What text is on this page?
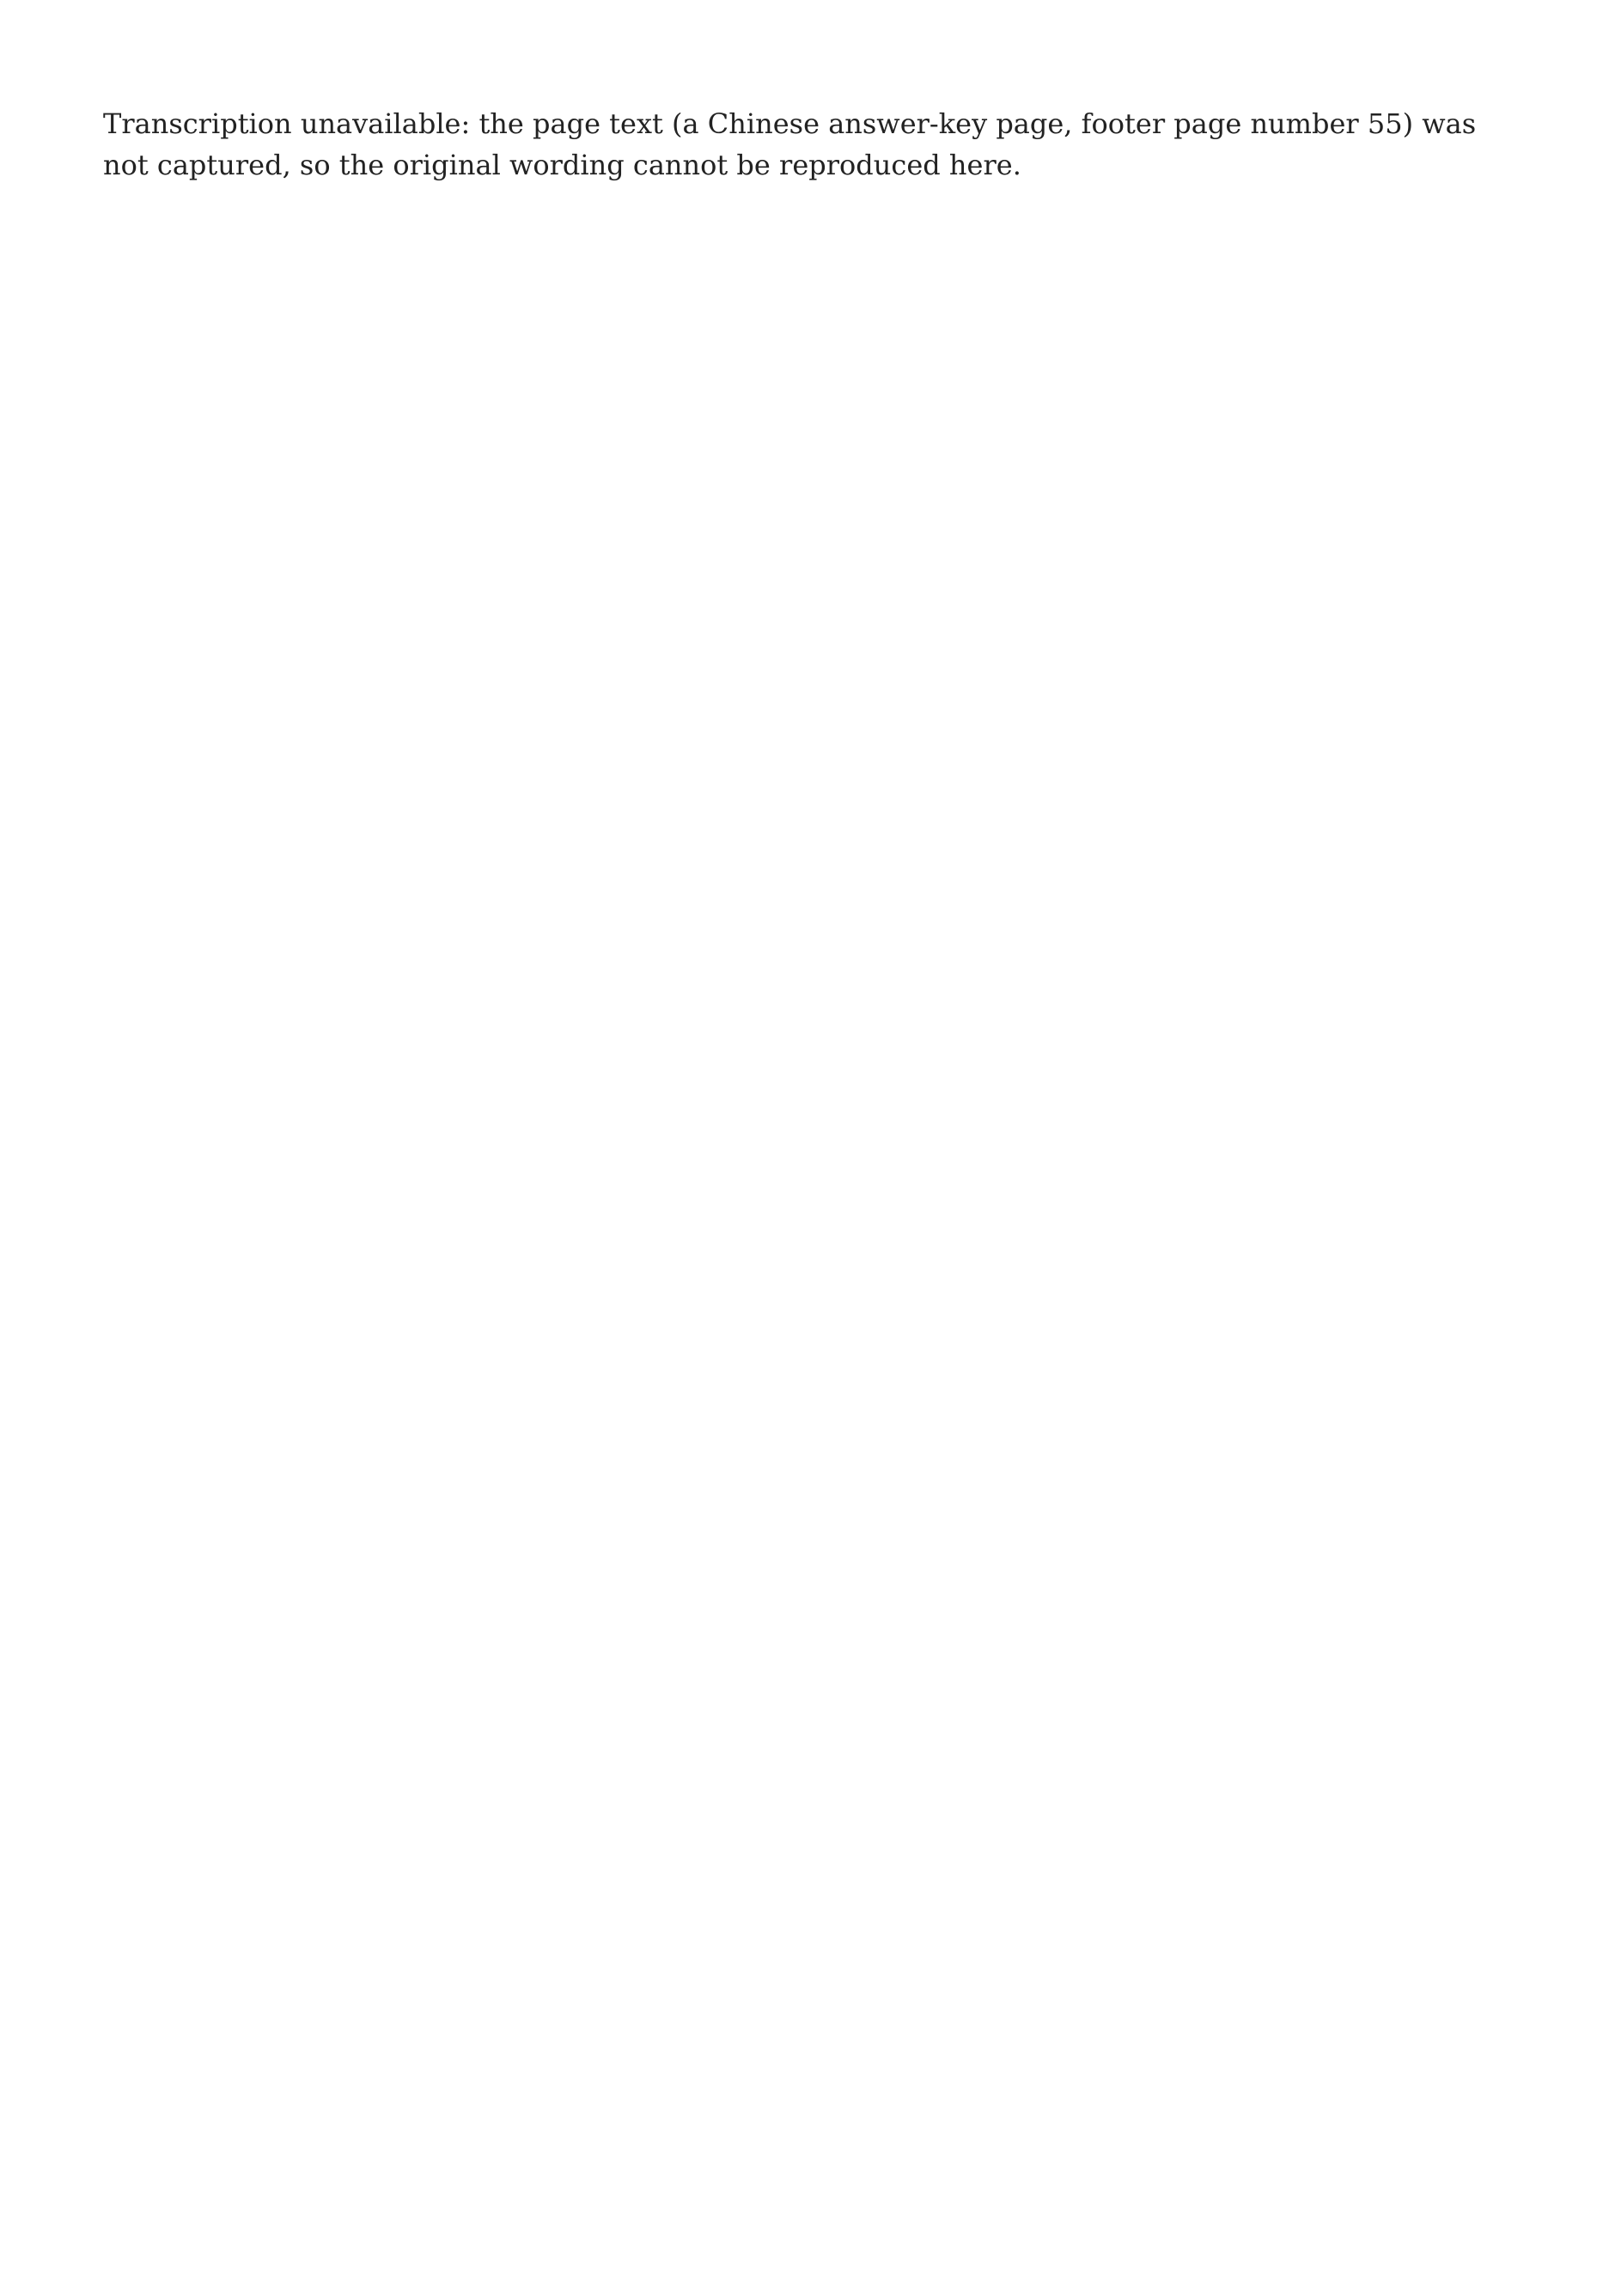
Transcription unavailable: the page text (a Chinese answer-key page, footer page number 55) was not captured, so the original wording cannot be reproduced here.
